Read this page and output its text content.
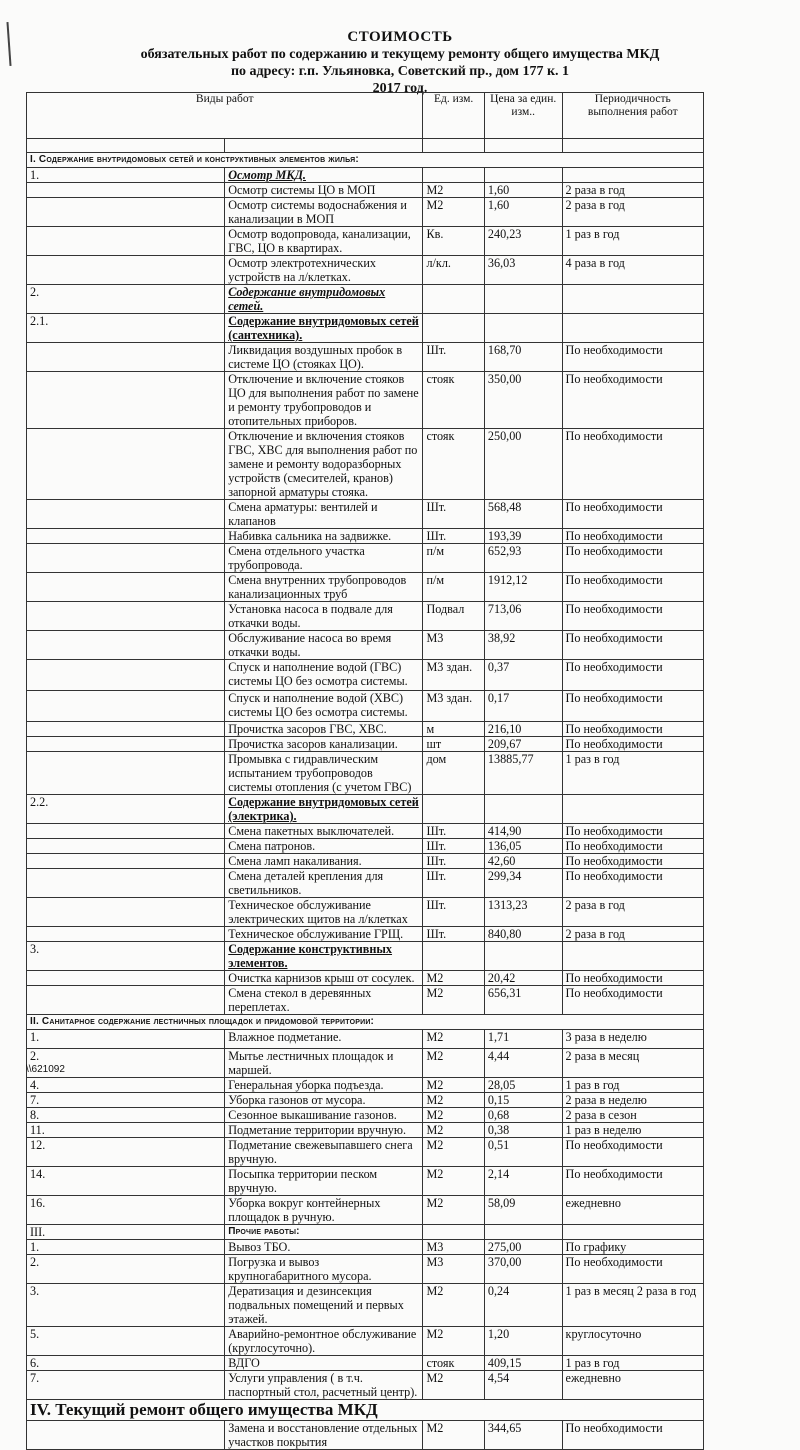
СТОИМОСТЬ
обязательных работ по содержанию и текущему ремонту общего имущества МКД
по адресу: г.п. Ульяновка, Советский пр., дом 177 к. 1
2017 год.
Виды работ		Ед. изм.	Цена за един. изм..	Периодичность выполнения работ

I. Содержание внутридомовых сетей и конструктивных элементов жилья:				
1.	Осмотр МКД.			
	Осмотр системы ЦО в МОП	М2	1,60	2 раза в год
	Осмотр системы водоснабжения и канализации в МОП	М2	1,60	2 раза в год
	Осмотр водопровода, канализации, ГВС, ЦО в квартирах.	Кв.	240,23	1 раз в год
	Осмотр электротехнических устройств на л/клетках.	л/кл.	36,03	4 раза в год
2.	Содержание внутридомовых сетей.			
2.1.	Содержание внутридомовых сетей (сантехника).			
	Ликвидация воздушных пробок в системе ЦО (стояках ЦО).	Шт.	168,70	По необходимости
	Отключение и включение стояков ЦО для выполнения работ по замене и ремонту трубопроводов и отопительных приборов.	стояк	350,00	По необходимости
	Отключение и включения стояков ГВС, ХВС для выполнения работ по замене и ремонту водоразборных устройств (смесителей, кранов) запорной арматуры стояка.	стояк	250,00	По необходимости
	Смена арматуры: вентилей и клапанов	Шт.	568,48	По необходимости
	Набивка сальника на задвижке.	Шт.	193,39	По необходимости
	Смена отдельного участка трубопровода.	п/м	652,93	По необходимости
	Смена внутренних трубопроводов канализационных труб	п/м	1912,12	По необходимости
	Установка насоса в подвале для откачки воды.	Подвал	713,06	По необходимости
	Обслуживание насоса во время откачки воды.	М3	38,92	По необходимости
	Спуск и наполнение водой (ГВС) системы ЦО без осмотра системы.	М3 здан.	0,37	По необходимости
	Спуск и наполнение водой (ХВС) системы ЦО без осмотра системы.	М3 здан.	0,17	По необходимости
	Прочистка засоров ГВС, ХВС.	м	216,10	По необходимости
	Прочистка засоров канализации.	шт	209,67	По необходимости
	Промывка с гидравлическим испытанием трубопроводов системы отопления (с учетом ГВС)	дом	13885,77	1 раз в год
2.2.	Содержание внутридомовых сетей (электрика).			
	Смена пакетных выключателей.	Шт.	414,90	По необходимости
	Смена патронов.	Шт.	136,05	По необходимости
	Смена ламп накаливания.	Шт.	42,60	По необходимости
	Смена деталей крепления для светильников.	Шт.	299,34	По необходимости
	Техническое обслуживание электрических щитов на л/клетках	Шт.	1313,23	2 раза в год
	Техническое обслуживание ГРЩ.	Шт.	840,80	2 раза в год
3.	Содержание конструктивных элементов.			
	Очистка карнизов крыш от сосулек.	М2	20,42	По необходимости
	Смена стекол в деревянных переплетах.	М2	656,31	По необходимости
II. Санитарное содержание лестничных площадок и придомовой территории:				
1.	Влажное подметание.	М2	1,71	3 раза в неделю
2.	Мытье лестничных площадок и маршей.	М2	4,44	2 раза в месяц
4.	Генеральная уборка подъезда.	М2	28,05	1 раз в год
7.	Уборка газонов от мусора.	М2	0,15	2 раза в неделю
8.	Сезонное выкашивание газонов.	М2	0,68	2 раза в сезон
11.	Подметание территории вручную.	М2	0,38	1 раз в неделю
12.	Подметание свежевыпавшего снега вручную.	М2	0,51	По необходимости
14.	Посыпка территории песком вручную.	М2	2,14	По необходимости
16.	Уборка вокруг контейнерных площадок в ручную.	М2	58,09	ежедневно
III.	Прочие работы:			
1.	Вывоз ТБО.	М3	275,00	По графику
2.	Погрузка и вывоз крупногабаритного мусора.	М3	370,00	По необходимости
3.	Дератизация и дезинсекция подвальных помещений и первых этажей.	М2	0,24	1 раз в месяц 2 раза в год
5.	Аварийно-ремонтное обслуживание (круглосуточно).	М2	1,20	круглосуточно
6.	ВДГО	стояк	409,15	1 раз в год
7.	Услуги управления ( в т.ч. паспортный стол, расчетный центр).	М2	4,54	ежедневно
IV. Текущий ремонт общего имущества МКД				
	Замена и восстановление отдельных участков покрытия	М2	344,65	По необходимости
\\621092
